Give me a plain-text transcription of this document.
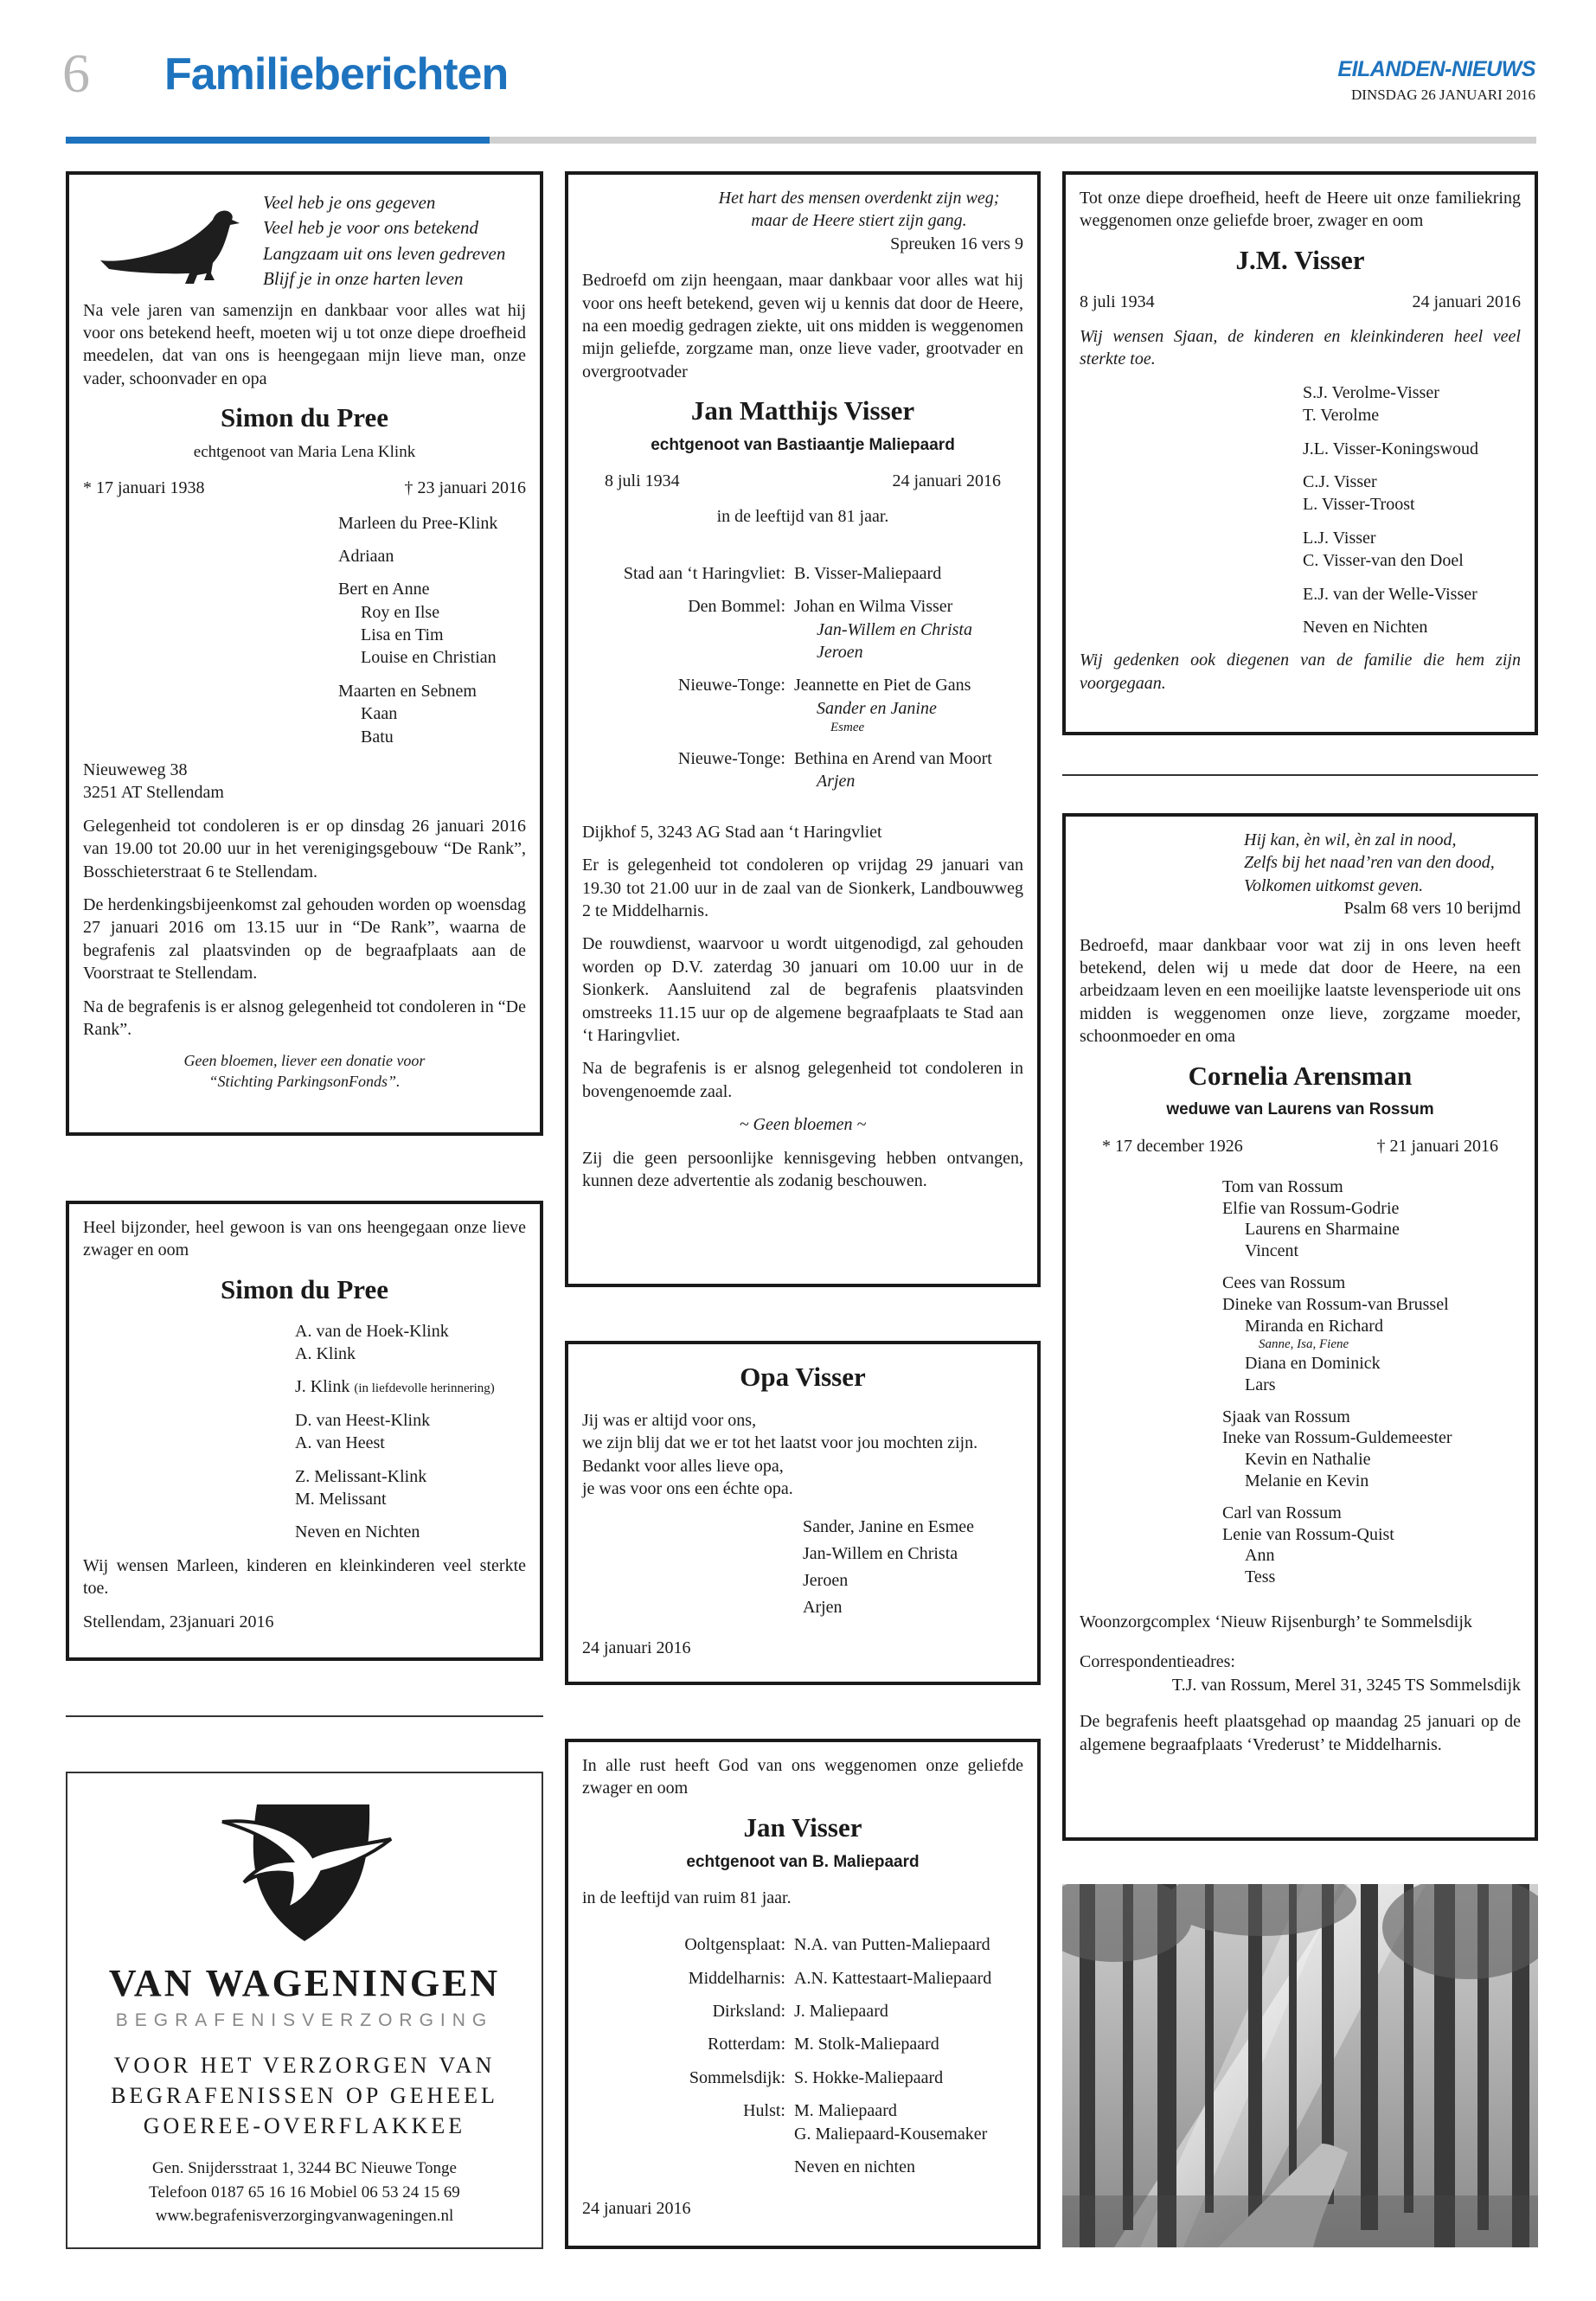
6 Familieberichten	EILANDEN-NIEUWS
DINSDAG 26 JANUARI 2016
Veel heb je ons gegeven
Veel heb je voor ons betekend
Langzaam uit ons leven gedreven
Blijf je in onze harten leven

Na vele jaren van samenzijn en dankbaar voor alles wat hij voor ons betekend heeft, moeten wij u tot onze diepe droefheid meedelen, dat van ons is heengegaan mijn lieve man, onze vader, schoonvader en opa

Simon du Pree
echtgenoot van Maria Lena Klink
* 17 januari 1938	† 23 januari 2016
Marleen du Pree-Klink
Adriaan
Bert en Anne
Roy en Ilse
Lisa en Tim
Louise en Christian
Maarten en Sebnem
Kaan
Batu
Nieuweweg 38
3251 AT Stellendam

Gelegenheid tot condoleren is er op dinsdag 26 januari 2016 van 19.00 tot 20.00 uur in het verenigingsgebouw “De Rank”, Bosschieterstraat 6 te Stellendam.

De herdenkingsbijeenkomst zal gehouden worden op woensdag 27 januari 2016 om 13.15 uur in “De Rank”, waarna de begrafenis zal plaatsvinden op de begraafplaats aan de Voorstraat te Stellendam.

Na de begrafenis is er alsnog gelegenheid tot condoleren in “De Rank”.

Geen bloemen, liever een donatie voor
“Stichting ParkingsonFonds”.

Heel bijzonder, heel gewoon is van ons heengegaan onze lieve zwager en oom

Simon du Pree
A. van de Hoek-Klink
A. Klink
J. Klink (in liefdevolle herinnering)
D. van Heest-Klink
A. van Heest
Z. Melissant-Klink
M. Melissant
Neven en Nichten

Wij wensen Marleen, kinderen en kleinkinderen veel sterkte toe.

Stellendam, 23januari 2016
VAN WAGENINGEN
BEGRAFENISVERZORGING
VOOR HET VERZORGEN VAN
BEGRAFENISSEN OP GEHEEL
GOEREE-OVERFLAKKEE
Gen. Snijdersstraat 1, 3244 BC Nieuwe Tonge
Telefoon 0187 65 16 16 Mobiel 06 53 24 15 69
www.begrafenisverzorgingvanwageningen.nl
Het hart des mensen overdenkt zijn weg;
maar de Heere stiert zijn gang.
Spreuken 16 vers 9

Bedroefd om zijn heengaan, maar dankbaar voor alles wat hij voor ons heeft betekend, geven wij u kennis dat door de Heere, na een moedig gedragen ziekte, uit ons midden is weggenomen mijn geliefde, zorgzame man, onze lieve vader, grootvader en overgrootvader

Jan Matthijs Visser
echtgenoot van Bastiaantje Maliepaard
8 juli 1934	24 januari 2016
in de leeftijd van 81 jaar.
Stad aan ‘t Haringvliet: B. Visser-Maliepaard
Den Bommel: Johan en Wilma Visser
Jan-Willem en Christa
Jeroen
Nieuwe-Tonge: Jeannette en Piet de Gans
Sander en Janine
Esmee
Nieuwe-Tonge: Bethina en Arend van Moort
Arjen

Dijkhof 5, 3243 AG Stad aan ‘t Haringvliet

Er is gelegenheid tot condoleren op vrijdag 29 januari van 19.30 tot 21.00 uur in de zaal van de Sionkerk, Landbouwweg 2 te Middelharnis.

De rouwdienst, waarvoor u wordt uitgenodigd, zal gehouden worden op D.V. zaterdag 30 januari om 10.00 uur in de Sionkerk. Aansluitend zal de begrafenis plaatsvinden omstreeks 11.15 uur op de algemene begraafplaats te Stad aan ‘t Haringvliet.

Na de begrafenis is er alsnog gelegenheid tot condoleren in bovengenoemde zaal.

~ Geen bloemen ~

Zij die geen persoonlijke kennisgeving hebben ontvangen, kunnen deze advertentie als zodanig beschouwen.

Opa Visser
Jij was er altijd voor ons,
we zijn blij dat we er tot het laatst voor jou mochten zijn.
Bedankt voor alles lieve opa,
je was voor ons een échte opa.
Sander, Janine en Esmee
Jan-Willem en Christa
Jeroen
Arjen
24 januari 2016

In alle rust heeft God van ons weggenomen onze geliefde zwager en oom

Jan Visser
echtgenoot van B. Maliepaard
in de leeftijd van ruim 81 jaar.
Ooltgensplaat: N.A. van Putten-Maliepaard
Middelharnis: A.N. Kattestaart-Maliepaard
Dirksland: J. Maliepaard
Rotterdam: M. Stolk-Maliepaard
Sommelsdijk: S. Hokke-Maliepaard
Hulst: M. Maliepaard
G. Maliepaard-Kousemaker
Neven en nichten
24 januari 2016

Tot onze diepe droefheid, heeft de Heere uit onze familiekring weggenomen onze geliefde broer, zwager en oom

J.M. Visser
8 juli 1934	24 januari 2016

Wij wensen Sjaan, de kinderen en kleinkinderen heel veel sterkte toe.

S.J. Verolme-Visser
T. Verolme
J.L. Visser-Koningswoud
C.J. Visser
L. Visser-Troost
L.J. Visser
C. Visser-van den Doel
E.J. van der Welle-Visser
Neven en Nichten
Wij gedenken ook diegenen van de familie die hem zijn voorgegaan.
Hij kan, èn wil, èn zal in nood,
Zelfs bij het naad’ren van den dood,
Volkomen uitkomst geven.
Psalm 68 vers 10 berijmd

Bedroefd, maar dankbaar voor wat zij in ons leven heeft betekend, delen wij u mede dat door de Heere, na een arbeidzaam leven en een moeilijke laatste levensperiode uit ons midden is weggenomen onze lieve, zorgzame moeder, schoonmoeder en oma

Cornelia Arensman
weduwe van Laurens van Rossum
* 17 december 1926	† 21 januari 2016
Tom van Rossum
Elfie van Rossum-Godrie
Laurens en Sharmaine
Vincent
Cees van Rossum
Dineke van Rossum-van Brussel
Miranda en Richard
Sanne, Isa, Fiene
Diana en Dominick
Lars
Sjaak van Rossum
Ineke van Rossum-Guldemeester
Kevin en Nathalie
Melanie en Kevin
Carl van Rossum
Lenie van Rossum-Quist
Ann
Tess

Woonzorgcomplex ‘Nieuw Rijsenburgh’ te Sommelsdijk

Correspondentieadres:
T.J. van Rossum, Merel 31, 3245 TS Sommelsdijk
De begrafenis heeft plaatsgehad op maandag 25 januari op de algemene begraafplaats ‘Vrederust’ te Middelharnis.
